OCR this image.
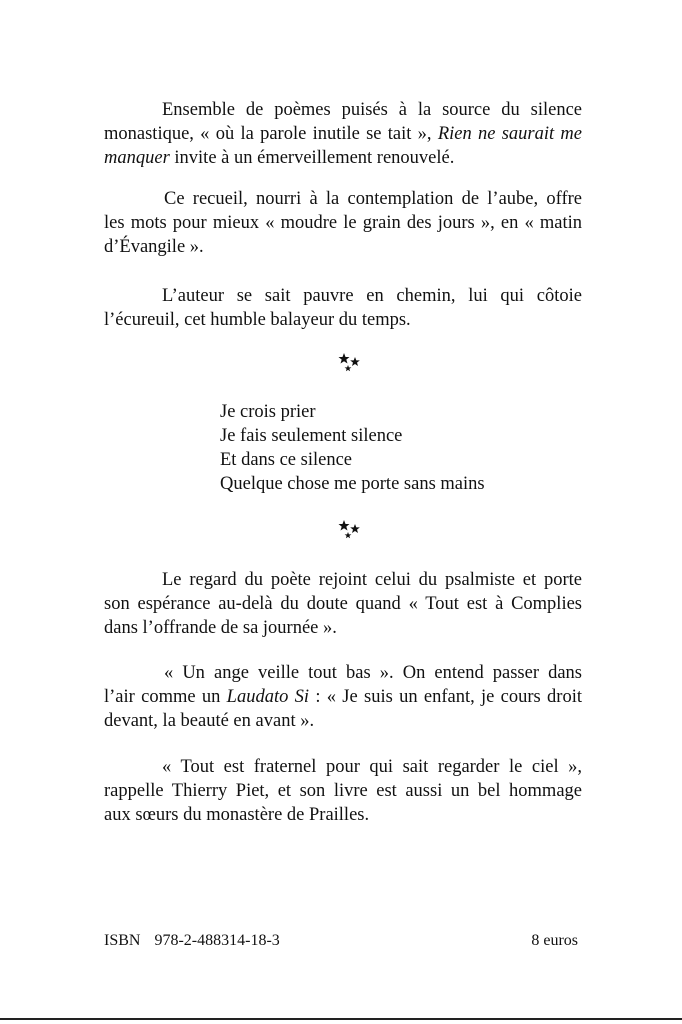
Ensemble de poèmes puisés à la source du silence
monastique, « où la parole inutile se tait », Rien ne saurait me
manquer invite à un émerveillement renouvelé.

Ce recueil, nourri à la contemplation de l’aube, offre
les mots pour mieux « moudre le grain des jours », en « matin
d’Évangile ».

L’auteur se sait pauvre en chemin, lui qui côtoie
l’écureuil, cet humble balayeur du temps.

Je crois prier
Je fais seulement silence
Et dans ce silence
Quelque chose me porte sans mains

Le regard du poète rejoint celui du psalmiste et porte
son espérance au-delà du doute quand « Tout est à Complies
dans l’offrande de sa journée ».

« Un ange veille tout bas ». On entend passer dans
l’air comme un Laudato Si : « Je suis un enfant, je cours droit
devant, la beauté en avant ».

« Tout est fraternel pour qui sait regarder le ciel »,
rappelle Thierry Piet, et son livre est aussi un bel hommage
aux sœurs du monastère de Prailles.

ISBN 978-2-488314-18-3	8 euros
